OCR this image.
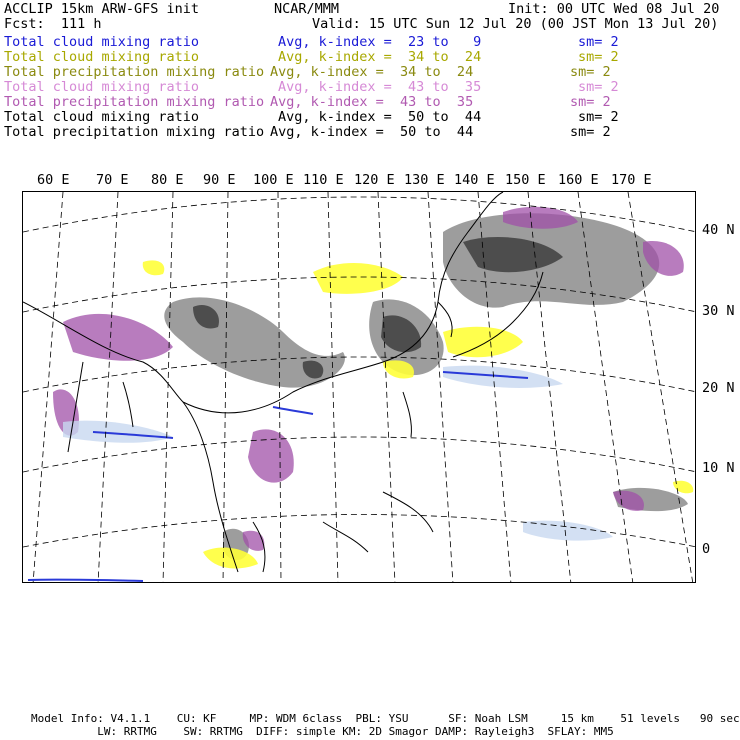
ACCLIP 15km ARW-GFS init	NCAR/MMM	Init: 00 UTC Wed 08 Jul 20
Fcst:  111 h	Valid: 15 UTC Sun 12 Jul 20 (00 JST Mon 13 Jul 20)
Total cloud mixing ratio	Avg, k-index =  23 to   9	sm= 2
Total cloud mixing ratio	Avg, k-index =  34 to  24	sm= 2
Total precipitation mixing ratio Avg, k-index =  34 to  24	sm= 2
Total cloud mixing ratio	Avg, k-index =  43 to  35	sm= 2
Total precipitation mixing ratio Avg, k-index =  43 to  35	sm= 2
Total cloud mixing ratio	Avg, k-index =  50 to  44	sm= 2
Total precipitation mixing ratio Avg, k-index =  50 to  44	sm= 2
60 E 70 E 80 E 90 E 100 E 110 E 120 E 130 E 140 E 150 E 160 E 170 E
40 N
30 N
20 N
10 N
0
Model Info: V4.1.1    CU: KF     MP: WDM 6class  PBL: YSU      SF: Noah LSM     15 km    51 levels   90 sec
LW: RRTMG    SW: RRTMG  DIFF: simple KM: 2D Smagor DAMP: Rayleigh3  SFLAY: MM5
